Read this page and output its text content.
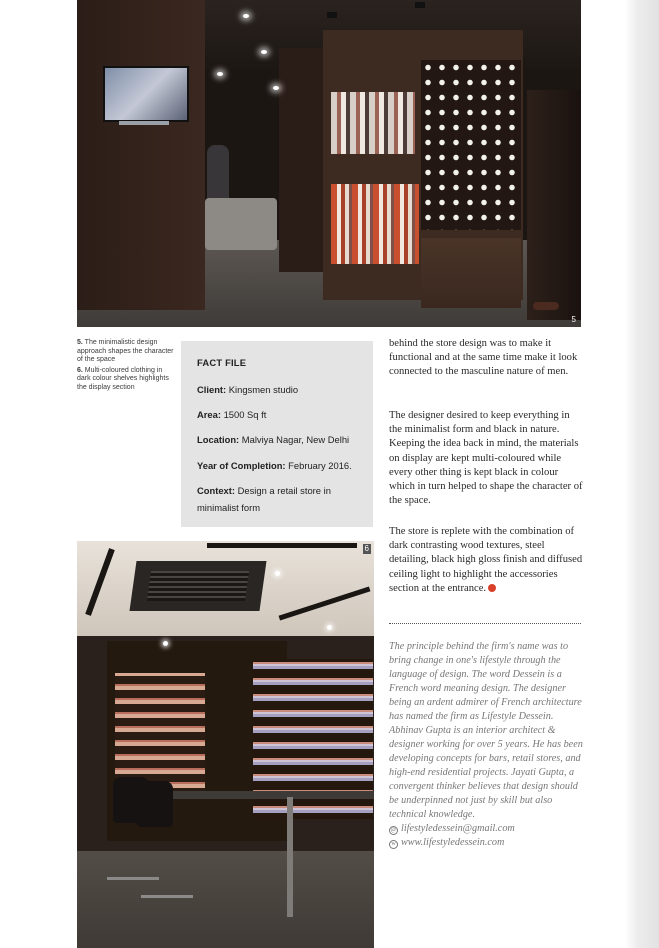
5

5. The minimalistic design approach shapes the character of the space

6. Multi-coloured clothing in dark colour shelves highlights the display section

FACT FILE
Client: Kingsmen studio
Area: 1500 Sq ft
Location: Malviya Nagar, New Delhi
Year of Completion: February 2016.
Context: Design a retail store in minimalist form

behind the store design was to make it functional and at the same time make it look connected to the masculine nature of men.

The designer desired to keep everything in the minimalist form and black in nature. Keeping the idea back in mind, the materials on display are kept multi-coloured while every other thing is kept black in colour which in turn helped to shape the character of the space.

The store is replete with the combination of dark contrasting wood textures, steel detailing, black high gloss finish and diffused ceiling light to highlight the accessories section at the entrance.

The principle behind the firm's name was to bring change in one's lifestyle through the language of design. The word Dessein is a French word meaning design. The designer being an ardent admirer of French architecture has named the firm as Lifestyle Dessein. Abhinav Gupta is an interior architect & designer working for over 5 years. He has been developing concepts for bars, retail stores, and high-end residential projects. Jayati Gupta, a convergent thinker believes that design should be underpinned not just by skill but also technical knowledge.

@ lifestyledessein@gmail.com
w www.lifestyledessein.com
6
